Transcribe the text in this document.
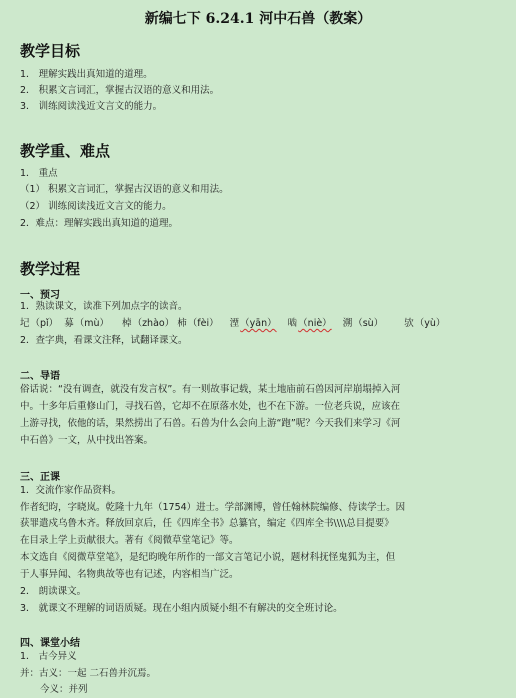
新编七下 6.24.1 河中石兽（教案）
教学目标
1． 理解实践出真知道的道理。
2． 积累文言词汇，掌握古汉语的意义和用法。
3． 训练阅读浅近文言文的能力。
教学重、难点
1． 重点
（1） 积累文言词汇，掌握古汉语的意义和用法。
（2） 训练阅读浅近文言文的能力。
2．难点：理解实践出真知道的道理。
教学过程
一、预习
1．熟读课文，读准下列加点字的读音。
圮（pǐ） 募（mù） 棹（zhào） 柿（fèi） 湮（yān） 啮（niè） 溯（sù） 欤（yù）
2．查字典，看课文注释，试翻译课文。
二、导语
俗话说：“没有调查，就没有发言权”。有一则故事记载，某土地庙前石兽因河岸崩塌掉入河
中。十多年后重修山门，寻找石兽，它却不在原落水处，也不在下游。一位老兵说，应该在
上游寻找，依他的话，果然捞出了石兽。石兽为什么会向上游“跑”呢？今天我们来学习《河
中石兽》一文，从中找出答案。
三、正课
1．交流作家作品资料。
作者纪昀，字晓岚。乾隆十九年（1754）进士。学部渊博，曾任翰林院编修、侍读学士。因
获罪遣戍乌鲁木齐。释放回京后，任《四库全书》总纂官，编定《四库全书\\\\总目提要》
在目录上学上贡献很大。著有《阅微草堂笔记》等。
本文选自《阅微草堂笔》，是纪昀晚年所作的一部文言笔记小说，题材科抚怪鬼狐为主，但
于人事异闻、名物典故等也有记述，内容相当广泛。
2． 朗读课文。
3． 就课文不理解的词语质疑。现在小组内质疑小组不有解决的交全班讨论。
四、课堂小结
1． 古今异义
并：古义：一起 二石兽并沉焉。
今义：并列
